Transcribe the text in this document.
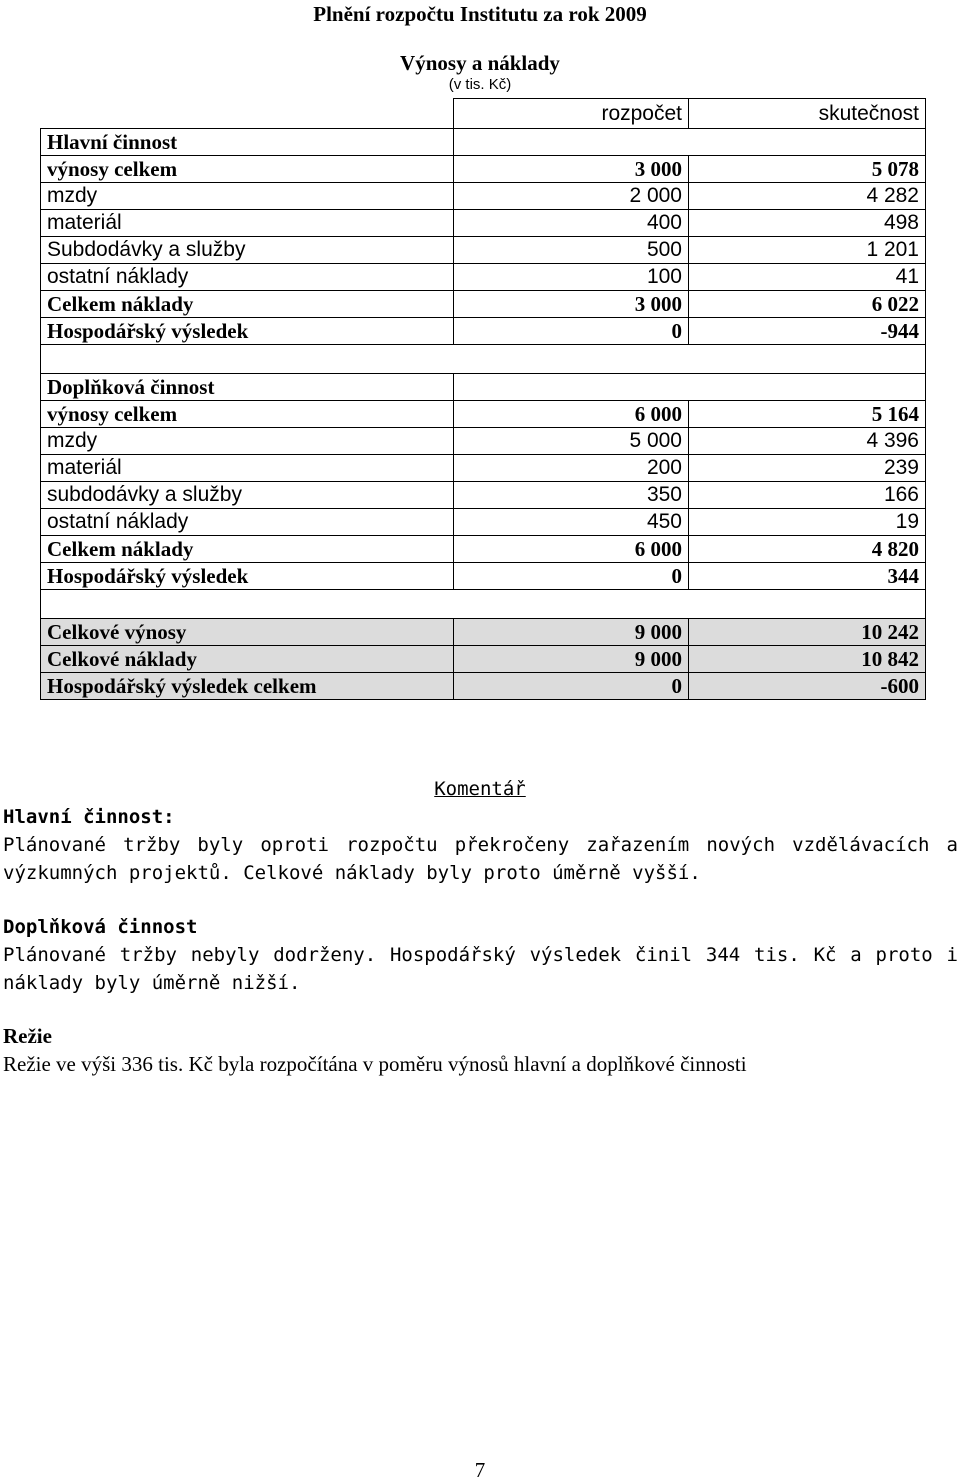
Plnění rozpočtu Institutu za rok 2009
Výnosy a náklady
(v tis. Kč)
	rozpočet	skutečnost
Hlavní činnost		
výnosy celkem	3 000	5 078
mzdy	2 000	4 282
materiál	400	498
Subdodávky a služby	500	1 201
ostatní náklady	100	41
Celkem náklady	3 000	6 022
Hospodářský výsledek	0	-944

Doplňková činnost		
výnosy celkem	6 000	5 164
mzdy	5 000	4 396
materiál	200	239
subdodávky a služby	350	166
ostatní náklady	450	19
Celkem náklady	6 000	4 820
Hospodářský výsledek	0	344

Celkové výnosy	9 000	10 242
Celkové náklady	9 000	10 842
Hospodářský výsledek celkem	0	-600
Komentář
Hlavní činnost:
Plánované tržby byly oproti rozpočtu překročeny zařazením nových vzdělávacích a výzkumných projektů. Celkové náklady byly proto úměrně vyšší.
Doplňková činnost
Plánované tržby nebyly dodrženy. Hospodářský výsledek činil 344 tis. Kč a proto i náklady byly úměrně nižší.
Režie
Režie ve výši 336 tis. Kč byla rozpočítána v poměru výnosů hlavní a doplňkové činnosti
7
